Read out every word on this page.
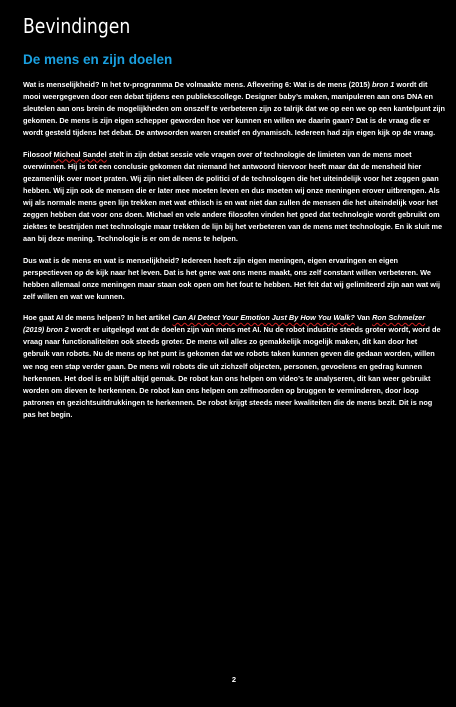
Bevindingen
De mens en zijn doelen

Wat is menselijkheid? In het tv-programma De volmaakte mens. Aflevering 6: Wat is de mens (2015) bron 1 wordt dit mooi weergegeven door een debat tijdens een publiekscollege. Designer baby’s maken, manipuleren aan ons DNA en sleutelen aan ons brein de mogelijkheden om onszelf te verbeteren zijn zo talrijk dat we op een we op een kantelpunt zijn gekomen. De mens is zijn eigen schepper geworden hoe ver kunnen en willen we daarin gaan? Dat is de vraag die er wordt gesteld tijdens het debat. De antwoorden waren creatief en dynamisch. Iedereen had zijn eigen kijk op de vraag.

Filosoof Micheal Sandel stelt in zijn debat sessie vele vragen over of technologie de limieten van de mens moet overwinnen. Hij is tot een conclusie gekomen dat niemand het antwoord hiervoor heeft maar dat de mensheid hier gezamenlijk over moet praten. Wij zijn niet alleen de politici of de technologen die het uiteindelijk voor het zeggen gaan hebben. Wij zijn ook de mensen die er later mee moeten leven en dus moeten wij onze meningen erover uitbrengen. Als wij als normale mens geen lijn trekken met wat ethisch is en wat niet dan zullen de mensen die het uiteindelijk voor het zeggen hebben dat voor ons doen. Michael en vele andere filosofen vinden het goed dat technologie wordt gebruikt om ziektes te bestrijden met technologie maar trekken de lijn bij het verbeteren van de mens met technologie. En ik sluit me aan bij deze mening. Technologie is er om de mens te helpen.

Dus wat is de mens en wat is menselijkheid? Iedereen heeft zijn eigen meningen, eigen ervaringen en eigen perspectieven op de kijk naar het leven. Dat is het gene wat ons mens maakt, ons zelf constant willen verbeteren. We hebben allemaal onze meningen maar staan ook open om het fout te hebben. Het feit dat wij gelimiteerd zijn aan wat wij zelf willen en wat we kunnen.

Hoe gaat AI de mens helpen? In het artikel Can AI Detect Your Emotion Just By How You Walk? Van Ron Schmelzer (2019) bron 2 wordt er uitgelegd wat de doelen zijn van mens met AI. Nu de robot industrie steeds groter wordt, word de vraag naar functionaliteiten ook steeds groter. De mens wil alles zo gemakkelijk mogelijk maken, dit kan door het gebruik van robots. Nu de mens op het punt is gekomen dat we robots taken kunnen geven die gedaan worden, willen we nog een stap verder gaan. De mens wil robots die uit zichzelf objecten, personen, gevoelens en gedrag kunnen herkennen. Het doel is en blijft altijd gemak. De robot kan ons helpen om video’s te analyseren, dit kan weer gebruikt worden om dieven te herkennen. De robot kan ons helpen om zelfmoorden op bruggen te verminderen, door loop patronen en gezichtsuitdrukkingen te herkennen. De robot krijgt steeds meer kwaliteiten die de mens bezit. Dit is nog pas het begin.

2
